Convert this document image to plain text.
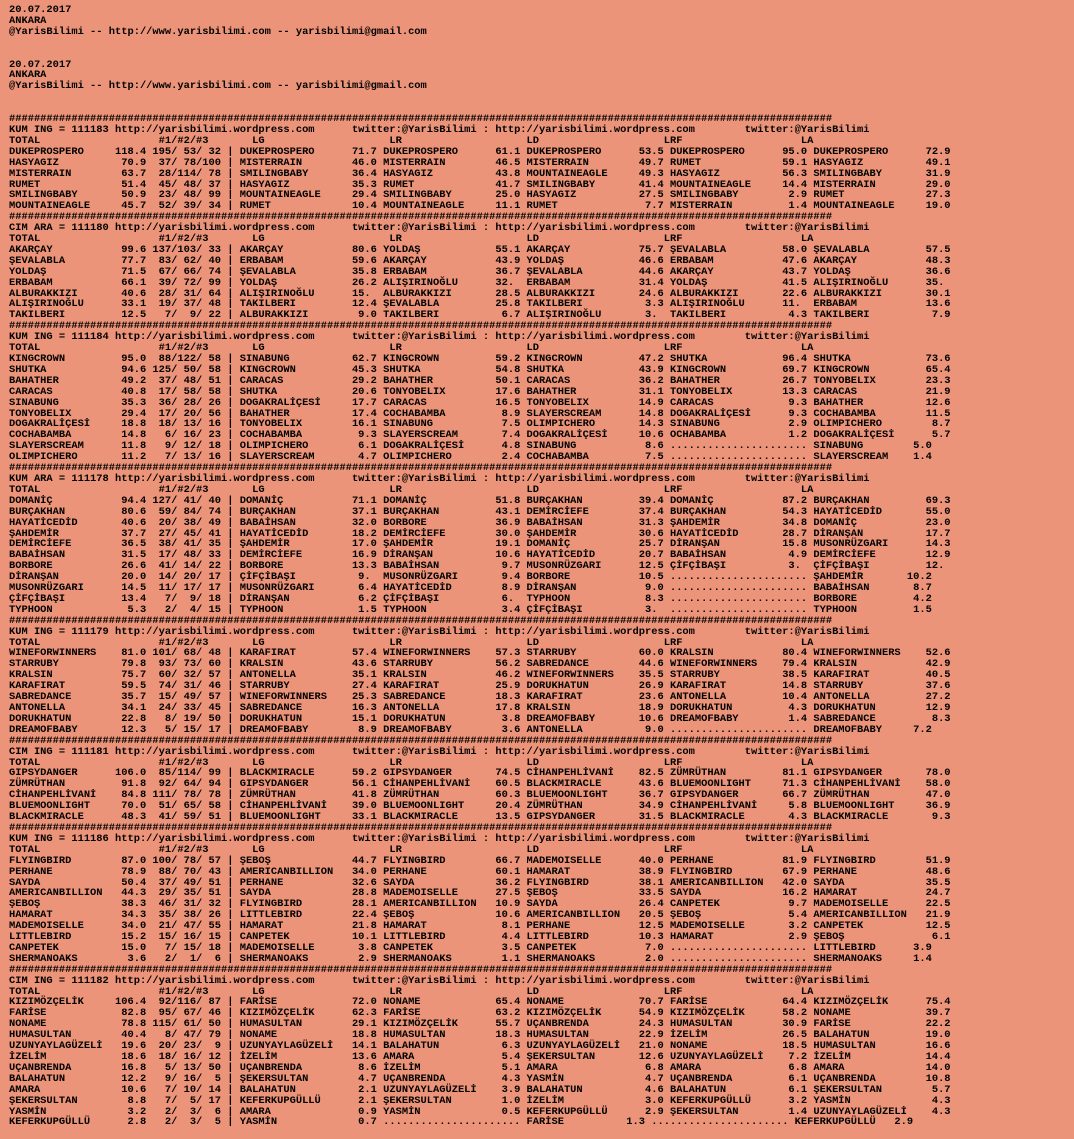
20.07.2017
ANKARA
@YarisBilimi -- http://www.yarisbilimi.com -- yarisbilimi@gmail.com

20.07.2017
ANKARA
@YarisBilimi -- http://www.yarisbilimi.com -- yarisbilimi@gmail.com

####################################################################################################################################
KUM ING = 111183 http://yarisbilimi.wordpress.com      twitter:@YarisBilimi : http://yarisbilimi.wordpress.com        twitter:@YarisBilimi
TOTAL                   #1/#2/#3       LG                    LR                    LD                    LRF                   LA
DUKEPROSPERO     118.4 195/ 53/ 32 | DUKEPROSPERO      71.7 DUKEPROSPERO      61.1 DUKEPROSPERO      53.5 DUKEPROSPERO      95.0 DUKEPROSPERO      72.9
HASYAGIZ          70.9  37/ 78/100 | MISTERRAIN        46.0 MISTERRAIN        46.5 MISTERRAIN        49.7 RUMET             59.1 HASYAGIZ          49.1
MISTERRAIN        63.7  28/114/ 78 | SMILINGBABY       36.4 HASYAGIZ          43.8 MOUNTAINEAGLE     49.3 HASYAGIZ          56.3 SMILINGBABY       31.9
RUMET             51.4  45/ 48/ 37 | HASYAGIZ          35.3 RUMET             41.7 SMILINGBABY       41.4 MOUNTAINEAGLE     14.4 MISTERRAIN        29.0
SMILINGBABY       50.9  23/ 48/ 99 | MOUNTAINEAGLE     29.4 SMILINGBABY       25.0 HASYAGIZ          27.5 SMILINGBABY        2.9 RUMET             27.3
MOUNTAINEAGLE     45.7  52/ 39/ 34 | RUMET             10.4 MOUNTAINEAGLE     11.1 RUMET              7.7 MISTERRAIN         1.4 MOUNTAINEAGLE     19.0
####################################################################################################################################
CIM ARA = 111180 http://yarisbilimi.wordpress.com      twitter:@YarisBilimi : http://yarisbilimi.wordpress.com        twitter:@YarisBilimi
TOTAL                   #1/#2/#3       LG                    LR                    LD                    LRF                   LA
AKARÇAY           99.6 137/103/ 33 | AKARÇAY           80.6 YOLDAŞ            55.1 AKARÇAY           75.7 ŞEVALABLA         58.0 ŞEVALABLA         57.5
ŞEVALABLA         77.7  83/ 62/ 40 | ERBABAM           59.6 AKARÇAY           43.9 YOLDAŞ            46.6 ERBABAM           47.6 AKARÇAY           48.3
YOLDAŞ            71.5  67/ 66/ 74 | ŞEVALABLA         35.8 ERBABAM           36.7 ŞEVALABLA         44.6 AKARÇAY           43.7 YOLDAŞ            36.6
ERBABAM           66.1  39/ 72/ 99 | YOLDAŞ            26.2 ALIŞIRINOĞLU      32.  ERBABAM           31.4 YOLDAŞ            41.5 ALIŞIRINOĞLU      35.
ALBURAKKIZI       40.6  28/ 31/ 64 | ALIŞIRINOĞLU      15.  ALBURAKKIZI       28.5 ALBURAKKIZI       24.6 ALBURAKKIZI       22.6 ALBURAKKIZI       30.1
ALIŞIRINOĞLU      33.1  19/ 37/ 48 | TAKILBERI         12.4 ŞEVALABLA         25.8 TAKILBERI          3.3 ALIŞIRINOĞLU      11.  ERBABAM           13.6
TAKILBERI         12.5   7/  9/ 22 | ALBURAKKIZI        9.0 TAKILBERI          6.7 ALIŞIRINOĞLU       3.  TAKILBERI          4.3 TAKILBERI          7.9
####################################################################################################################################
KUM ING = 111184 http://yarisbilimi.wordpress.com      twitter:@YarisBilimi : http://yarisbilimi.wordpress.com        twitter:@YarisBilimi
TOTAL                   #1/#2/#3       LG                    LR                    LD                    LRF                   LA
KINGCROWN         95.0  88/122/ 58 | SINABUNG          62.7 KINGCROWN         59.2 KINGCROWN         47.2 SHUTKA            96.4 SHUTKA            73.6
SHUTKA            94.6 125/ 50/ 58 | KINGCROWN         45.3 SHUTKA            54.8 SHUTKA            43.9 KINGCROWN         69.7 KINGCROWN         65.4
BAHATHER          49.2  37/ 48/ 51 | CARACAS           29.2 BAHATHER          50.1 CARACAS           36.2 BAHATHER          26.7 TONYOBELIX        23.3
CARACAS           40.8  17/ 58/ 58 | SHUTKA            20.6 TONYOBELIX        17.6 BAHATHER          31.1 TONYOBELIX        13.3 CARACAS           21.9
SINABUNG          35.3  36/ 28/ 26 | DOGAKRALİÇESİ     17.7 CARACAS           16.5 TONYOBELIX        14.9 CARACAS            9.3 BAHATHER          12.6
TONYOBELIX        29.4  17/ 20/ 56 | BAHATHER          17.4 COCHABAMBA         8.9 SLAYERSCREAM      14.8 DOGAKRALİÇESİ      9.3 COCHABAMBA        11.5
DOGAKRALİÇESİ     18.8  18/ 13/ 16 | TONYOBELIX        16.1 SINABUNG           7.5 OLIMPICHERO       14.3 SINABUNG           2.9 OLIMPICHERO        8.7
COCHABAMBA        14.8   6/ 16/ 23 | COCHABAMBA         9.3 SLAYERSCREAM       7.4 DOGAKRALİÇESİ     10.6 OCHABAMBA          1.2 DOGAKRALİÇESİ      5.7
SLAYERSCREAM      11.8   9/ 12/ 18 | OLIMPICHERO        6.1 DOGAKRALİÇESİ      4.8 SINABUNG           8.6 ...................... SINABUNG        5.0
OLIMPICHERO       11.2   7/ 13/ 16 | SLAYERSCREAM       4.7 OLIMPICHERO        2.4 COCHABAMBA         7.5 ...................... SLAYERSCREAM    1.4
####################################################################################################################################
KUM ARA = 111178 http://yarisbilimi.wordpress.com      twitter:@YarisBilimi : http://yarisbilimi.wordpress.com        twitter:@YarisBilimi
TOTAL                   #1/#2/#3       LG                    LR                    LD                    LRF                   LA
DOMANİÇ           94.4 127/ 41/ 40 | DOMANİÇ           71.1 DOMANİÇ           51.8 BURÇAKHAN         39.4 DOMANİÇ           87.2 BURÇAKHAN         69.3
BURÇAKHAN         80.6  59/ 84/ 74 | BURÇAKHAN         37.1 BURÇAKHAN         43.1 DEMİRCİEFE        37.4 BURÇAKHAN         54.3 HAYATİCEDİD       55.0
HAYATİCEDİD       40.6  20/ 38/ 49 | BABAİHSAN         32.0 BORBORE           36.9 BABAİHSAN         31.3 ŞAHDEMİR          34.8 DOMANİÇ           23.0
ŞAHDEMİR          37.7  27/ 45/ 41 | HAYATİCEDİD       18.2 DEMİRCİEFE        30.0 ŞAHDEMİR          30.6 HAYATİCEDİD       28.7 DİRANŞAN          17.7
DEMİRCİEFE        36.5  38/ 41/ 35 | ŞAHDEMİR          17.0 ŞAHDEMİR          19.1 DOMANİÇ           25.7 DİRANŞAN          15.8 MUSONRÜZGARI      14.3
BABAİHSAN         31.5  17/ 48/ 33 | DEMİRCİEFE        16.9 DİRANŞAN          10.6 HAYATİCEDİD       20.7 BABAİHSAN          4.9 DEMİRCİEFE        12.9
BORBORE           26.6  41/ 14/ 22 | BORBORE           13.3 BABAİHSAN          9.7 MUSONRÜZGARI      12.5 ÇİFÇİBAŞI          3.  ÇİFÇİBAŞI         12.
DİRANŞAN          20.0  14/ 20/ 17 | ÇİFÇİBAŞI          9.  MUSONRÜZGARI       9.4 BORBORE           10.5 ...................... ŞAHDEMİR       10.2
MUSONRÜZGARI      14.5  11/ 17/ 17 | MUSONRÜZGARI       6.4 HAYATİCEDİD        8.9 DİRANŞAN           9.0 ...................... BABAİHSAN       8.7
ÇİFÇİBAŞI         13.4   7/  9/ 18 | DİRANŞAN           6.2 ÇİFÇİBAŞI          6.  TYPHOON            8.3 ...................... BORBORE         4.2
TYPHOON            5.3   2/  4/ 15 | TYPHOON            1.5 TYPHOON            3.4 ÇİFÇİBAŞI          3.  ...................... TYPHOON         1.5
####################################################################################################################################
KUM ING = 111179 http://yarisbilimi.wordpress.com      twitter:@YarisBilimi : http://yarisbilimi.wordpress.com        twitter:@YarisBilimi
TOTAL                   #1/#2/#3       LG                    LR                    LD                    LRF                   LA
WINEFORWINNERS    81.0 101/ 68/ 48 | KARAFIRAT         57.4 WINEFORWINNERS    57.3 STARRUBY          60.0 KRALSIN           80.4 WINEFORWINNERS    52.6
STARRUBY          79.8  93/ 73/ 60 | KRALSIN           43.6 STARRUBY          56.2 SABREDANCE        44.6 WINEFORWINNERS    79.4 KRALSIN           42.9
KRALSIN           75.7  60/ 32/ 57 | ANTONELLA         35.1 KRALSIN           46.2 WINEFORWINNERS    35.5 STARRUBY          38.5 KARAFIRAT         40.5
KARAFIRAT         59.5  74/ 31/ 46 | STARRUBY          27.4 KARAFIRAT         25.9 DORUKHATUN        26.9 KARAFIRAT         14.8 STARRUBY          37.6
SABREDANCE        35.7  15/ 49/ 57 | WINEFORWINNERS    25.3 SABREDANCE        18.3 KARAFIRAT         23.6 ANTONELLA         10.4 ANTONELLA         27.2
ANTONELLA         34.1  24/ 33/ 45 | SABREDANCE        16.3 ANTONELLA         17.8 KRALSIN           18.9 DORUKHATUN         4.3 DORUKHATUN        12.9
DORUKHATUN        22.8   8/ 19/ 50 | DORUKHATUN        15.1 DORUKHATUN         3.8 DREAMOFBABY       10.6 DREAMOFBABY        1.4 SABREDANCE         8.3
DREAMOFBABY       12.3   5/ 15/ 17 | DREAMOFBABY        8.9 DREAMOFBABY        3.6 ANTONELLA          9.0 ...................... DREAMOFBABY     7.2
####################################################################################################################################
CIM ING = 111181 http://yarisbilimi.wordpress.com      twitter:@YarisBilimi : http://yarisbilimi.wordpress.com        twitter:@YarisBilimi
TOTAL                   #1/#2/#3       LG                    LR                    LD                    LRF                   LA
GIPSYDANGER      106.0  85/114/ 99 | BLACKMIRACLE      59.2 GIPSYDANGER       74.5 CİHANPEHLİVANİ    82.5 ZÜMRÜTHAN         81.1 GIPSYDANGER       78.0
ZÜMRÜTHAN         91.8  92/ 64/ 94 | GIPSYDANGER       56.1 CİHANPEHLİVANİ    60.5 BLACKMIRACLE      43.6 BLUEMOONLIGHT     71.3 CİHANPEHLİVANİ    58.0
CİHANPEHLİVANİ    84.8 111/ 78/ 78 | ZÜMRÜTHAN         41.8 ZÜMRÜTHAN         60.3 BLUEMOONLIGHT     36.7 GIPSYDANGER       66.7 ZÜMRÜTHAN         47.0
BLUEMOONLIGHT     70.0  51/ 65/ 58 | CİHANPEHLİVANİ    39.0 BLUEMOONLIGHT     20.4 ZÜMRÜTHAN         34.9 CİHANPEHLİVANİ     5.8 BLUEMOONLIGHT     36.9
BLACKMIRACLE      48.3  41/ 59/ 51 | BLUEMOONLIGHT     33.1 BLACKMIRACLE      13.5 GIPSYDANGER       31.5 BLACKMIRACLE       4.3 BLACKMIRACLE       9.3
####################################################################################################################################
KUM ING = 111186 http://yarisbilimi.wordpress.com      twitter:@YarisBilimi : http://yarisbilimi.wordpress.com        twitter:@YarisBilimi
TOTAL                   #1/#2/#3       LG                    LR                    LD                    LRF                   LA
FLYINGBIRD        87.0 100/ 78/ 57 | ŞEBOŞ             44.7 FLYINGBIRD        66.7 MADEMOISELLE      40.0 PERHANE           81.9 FLYINGBIRD        51.9
PERHANE           78.9  88/ 70/ 43 | AMERICANBILLION   34.0 PERHANE           60.1 HAMARAT           38.9 FLYINGBIRD        67.9 PERHANE           48.6
SAYDA             50.4  37/ 49/ 51 | PERHANE           32.6 SAYDA             36.2 FLYINGBIRD        38.1 AMERICANBILLION   42.0 SAYDA             35.5
AMERICANBILLION   44.3  29/ 35/ 51 | SAYDA             28.8 MADEMOISELLE      27.5 ŞEBOŞ             33.5 SAYDA             16.2 HAMARAT           24.7
ŞEBOŞ             38.3  46/ 31/ 32 | FLYINGBIRD        28.1 AMERICANBILLION   10.9 SAYDA             26.4 CANPETEK           9.7 MADEMOISELLE      22.5
HAMARAT           34.3  35/ 38/ 26 | LITTLEBIRD        22.4 ŞEBOŞ             10.6 AMERICANBILLION   20.5 ŞEBOŞ              5.4 AMERICANBILLION   21.9
MADEMOISELLE      34.0  21/ 47/ 55 | HAMARAT           21.8 HAMARAT            8.1 PERHANE           12.5 MADEMOISELLE       3.2 CANPETEK          12.5
LITTLEBIRD        15.2  15/ 16/ 15 | CANPETEK          10.1 LITTLEBIRD         4.4 LITTLEBIRD        10.3 HAMARAT            2.9 ŞEBOŞ              6.1
CANPETEK          15.0   7/ 15/ 18 | MADEMOISELLE       3.8 CANPETEK           3.5 CANPETEK           7.0 ...................... LITTLEBIRD      3.9
SHERMANOAKS        3.6   2/  1/  6 | SHERMANOAKS        2.9 SHERMANOAKS        1.1 SHERMANOAKS        2.0 ...................... SHERMANOAKS     1.4
####################################################################################################################################
CIM ING = 111182 http://yarisbilimi.wordpress.com      twitter:@YarisBilimi : http://yarisbilimi.wordpress.com        twitter:@YarisBilimi
TOTAL                   #1/#2/#3       LG                    LR                    LD                    LRF                   LA
KIZIMÖZÇELİK     106.4  92/116/ 87 | FARİSE            72.0 NONAME            65.4 NONAME            70.7 FARİSE            64.4 KIZIMÖZÇELİK      75.4
FARİSE            82.8  95/ 67/ 46 | KIZIMÖZÇELİK      62.3 FARİSE            63.2 KIZIMÖZÇELİK      54.9 KIZIMÖZÇELİK      58.2 NONAME            39.7
NONAME            78.8 115/ 61/ 50 | HUMASULTAN        29.1 KIZIMÖZÇELİK      55.7 UÇANBRENDA        24.3 HUMASULTAN        30.9 FARİSE            22.2
HUMASULTAN        40.4   8/ 47/ 79 | NONAME            18.8 HUMASULTAN        18.3 HUMASULTAN        22.9 İZELİM            26.5 BALAHATUN         19.0
UZUNYAYLAGÜZELİ   19.6  20/ 23/  9 | UZUNYAYLAGÜZELİ   14.1 BALAHATUN          6.3 UZUNYAYLAGÜZELİ   21.0 NONAME            18.5 HUMASULTAN        16.6
İZELİM            18.6  18/ 16/ 12 | İZELİM            13.6 AMARA              5.4 ŞEKERSULTAN       12.6 UZUNYAYLAGÜZELİ    7.2 İZELİM            14.4
UÇANBRENDA        16.8   5/ 13/ 50 | UÇANBRENDA         8.6 İZELİM             5.1 AMARA              6.8 AMARA              6.8 AMARA             14.0
BALAHATUN         12.2   9/ 16/  5 | ŞEKERSULTAN        4.7 UÇANBRENDA         4.3 YASMİN             4.7 UÇANBRENDA         6.1 UÇANBRENDA        10.8
AMARA             10.6   7/ 10/ 14 | BALAHATUN          2.1 UZUNYAYLAGÜZELİ    3.9 BALAHATUN          4.6 BALAHATUN          6.1 ŞEKERSULTAN        5.7
ŞEKERSULTAN        8.8   7/  5/ 17 | KEFERKUPGÜLLÜ      2.1 ŞEKERSULTAN        1.0 İZELİM             3.0 KEFERKUPGÜLLÜ      3.2 YASMİN             4.3
YASMİN             3.2   2/  3/  6 | AMARA              0.9 YASMİN             0.5 KEFERKUPGÜLLÜ      2.9 ŞEKERSULTAN        1.4 UZUNYAYLAGÜZELİ    4.3
KEFERKUPGÜLLÜ      2.8   2/  3/  5 | YASMİN             0.7 ...................... FARİSE          1.3 ...................... KEFERKUPGÜLLÜ   2.9
